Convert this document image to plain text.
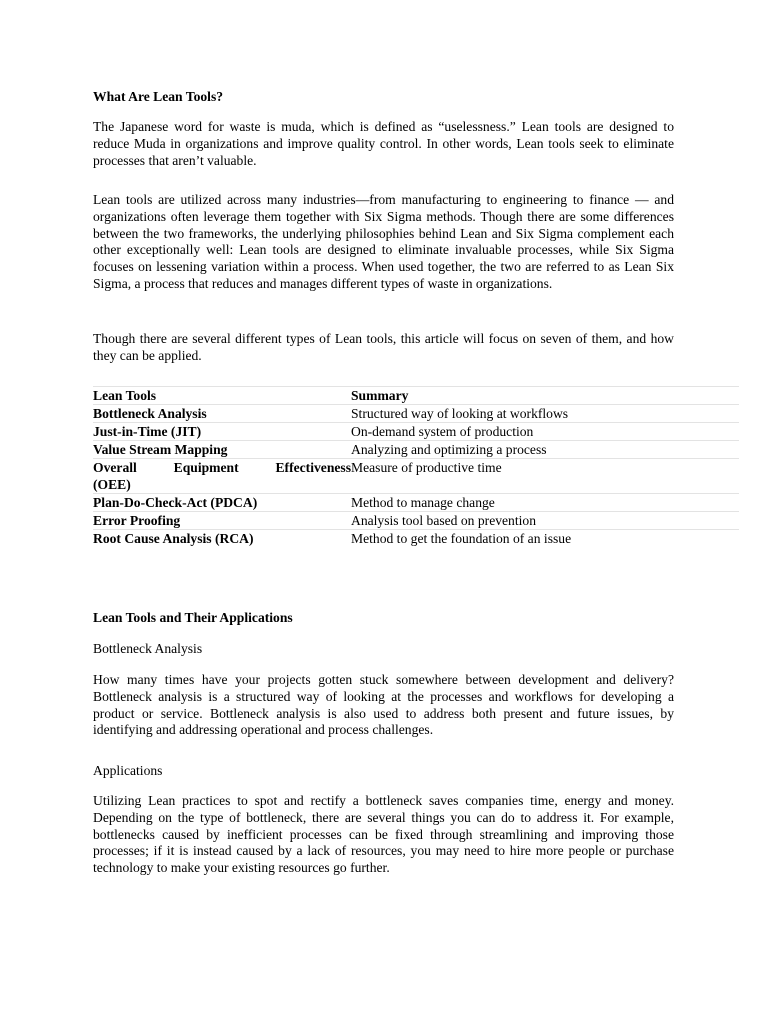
What Are Lean Tools?

The Japanese word for waste is muda, which is defined as “uselessness.” Lean tools are designed to reduce Muda in organizations and improve quality control. In other words, Lean tools seek to eliminate processes that aren’t valuable.

Lean tools are utilized across many industries—from manufacturing to engineering to finance — and organizations often leverage them together with Six Sigma methods. Though there are some differences between the two frameworks, the underlying philosophies behind Lean and Six Sigma complement each other exceptionally well: Lean tools are designed to eliminate invaluable processes, while Six Sigma focuses on lessening variation within a process. When used together, the two are referred to as Lean Six Sigma, a process that reduces and manages different types of waste in organizations.

Though there are several different types of Lean tools, this article will focus on seven of them, and how they can be applied.

Lean Tools	Summary
Bottleneck Analysis	Structured way of looking at workflows
Just-in-Time (JIT)	On-demand system of production
Value Stream Mapping	Analyzing and optimizing a process

Overall Equipment Effectiveness
(OEE)	Measure of productive time
Plan-Do-Check-Act (PDCA)	Method to manage change
Error Proofing	Analysis tool based on prevention
Root Cause Analysis (RCA)	Method to get the foundation of an issue
Lean Tools and Their Applications

Bottleneck Analysis

How many times have your projects gotten stuck somewhere between development and delivery? Bottleneck analysis is a structured way of looking at the processes and workflows for developing a product or service. Bottleneck analysis is also used to address both present and future issues, by identifying and addressing operational and process challenges.

Applications

Utilizing Lean practices to spot and rectify a bottleneck saves companies time, energy and money. Depending on the type of bottleneck, there are several things you can do to address it. For example, bottlenecks caused by inefficient processes can be fixed through streamlining and improving those processes; if it is instead caused by a lack of resources, you may need to hire more people or purchase technology to make your existing resources go further.
